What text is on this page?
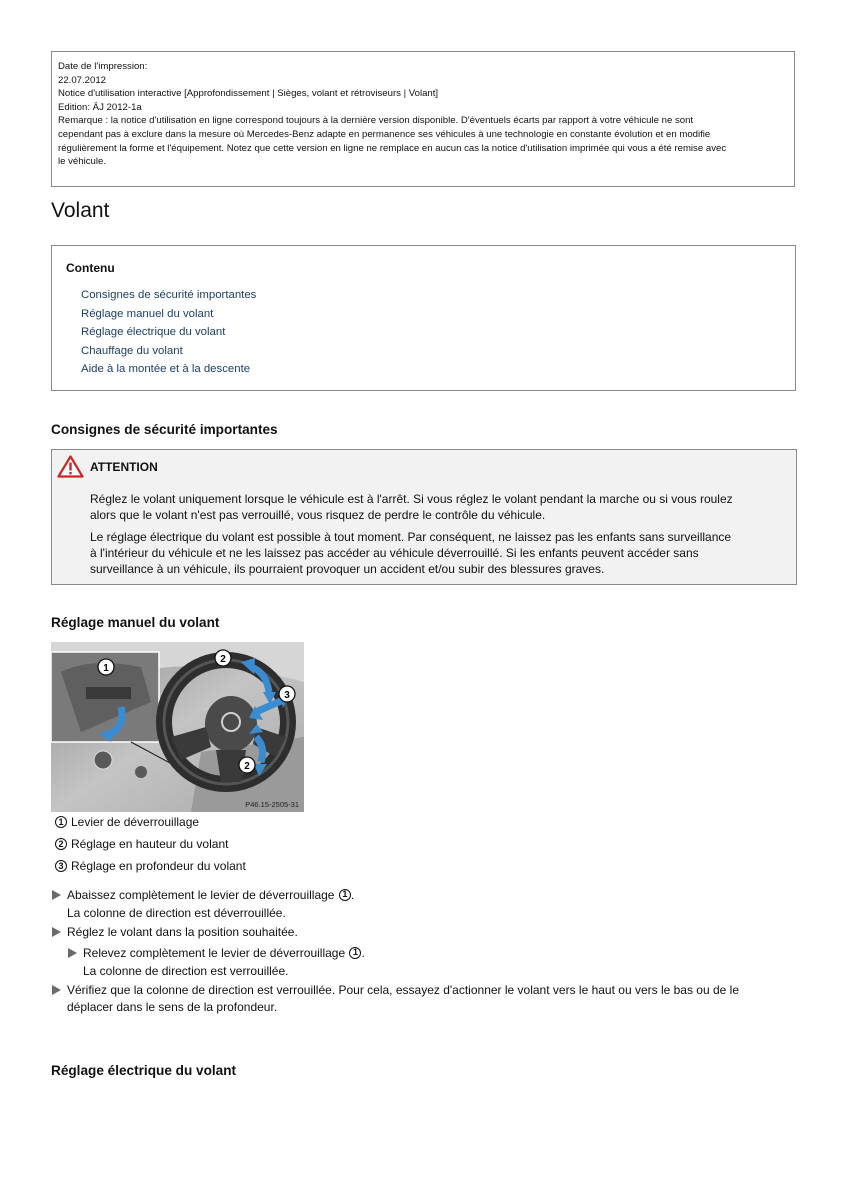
Date de l'impression:
22.07.2012
Notice d'utilisation interactive [Approfondissement | Sièges, volant et rétroviseurs | Volant]
Edition: ÄJ 2012-1a
Remarque : la notice d'utilisation en ligne correspond toujours à la dernière version disponible. D'éventuels écarts par rapport à votre véhicule ne sont
cependant pas à exclure dans la mesure où Mercedes-Benz adapte en permanence ses véhicules à une technologie en constante évolution et en modifie
régulièrement la forme et l'équipement. Notez que cette version en ligne ne remplace en aucun cas la notice d'utilisation imprimée qui vous a été remise avec
le véhicule.
Volant
Contenu
Consignes de sécurité importantes
Réglage manuel du volant
Réglage électrique du volant
Chauffage du volant
Aide à la montée et à la descente
Consignes de sécurité importantes
ATTENTION

Réglez le volant uniquement lorsque le véhicule est à l'arrêt. Si vous réglez le volant pendant la marche ou si vous roulez
alors que le volant n'est pas verrouillé, vous risquez de perdre le contrôle du véhicule.

Le réglage électrique du volant est possible à tout moment. Par conséquent, ne laissez pas les enfants sans surveillance
à l'intérieur du véhicule et ne les laissez pas accéder au véhicule déverrouillé. Si les enfants peuvent accéder sans
surveillance à un véhicule, ils pourraient provoquer un accident et/ou subir des blessures graves.

Réglage manuel du volant
1
2
3
2
P46.15-2505-31
1 Levier de déverrouillage
2 Réglage en hauteur du volant
3 Réglage en profondeur du volant
Abaissez complètement le levier de déverrouillage 1 .
La colonne de direction est déverrouillée.
Réglez le volant dans la position souhaitée.
Relevez complètement le levier de déverrouillage 1 .
La colonne de direction est verrouillée.
Vérifiez que la colonne de direction est verrouillée. Pour cela, essayez d'actionner le volant vers le haut ou vers le bas ou de le
déplacer dans le sens de la profondeur.
Réglage électrique du volant
